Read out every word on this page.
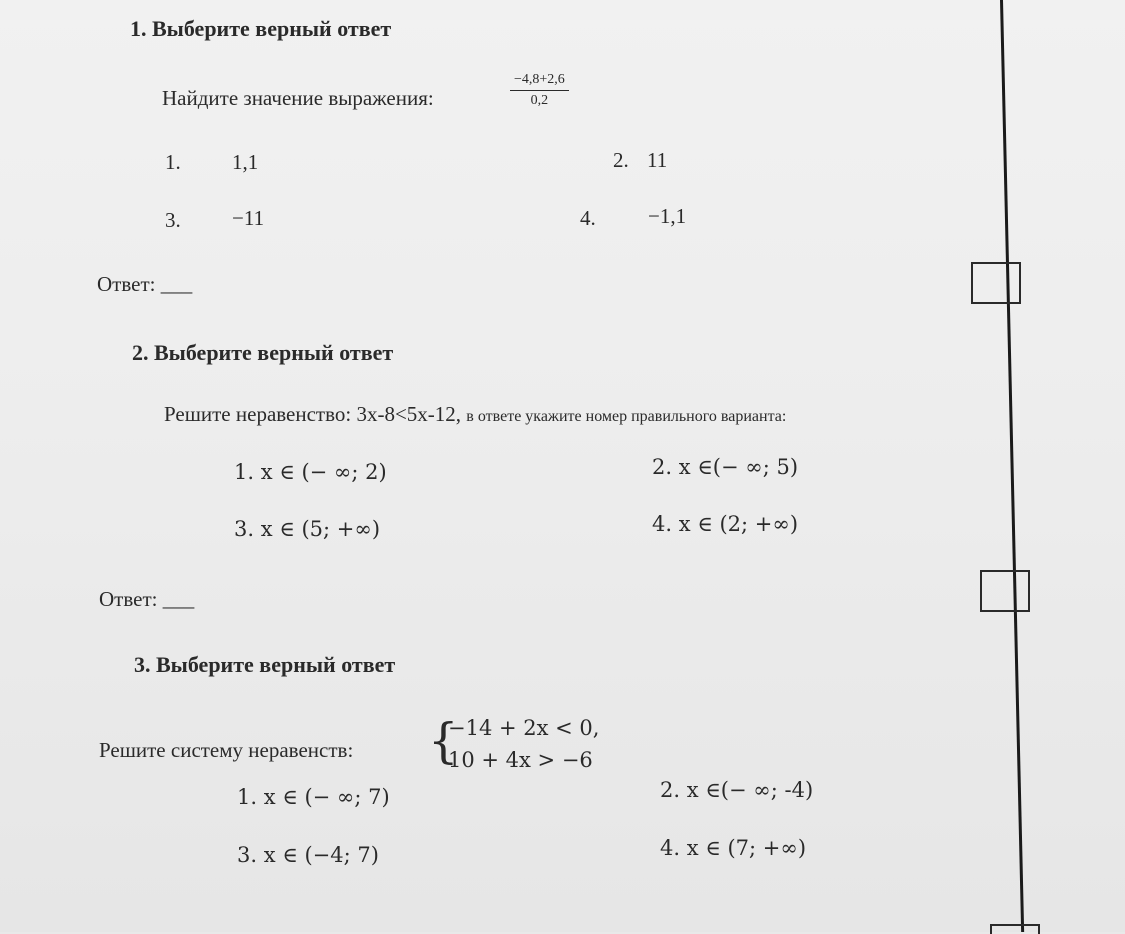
1. Выберите верный ответ
Найдите значение выражения:	$\frac{-4,8+2,6}{0,2}$
1. 1,1	2. 11
3. −11	4. −1,1
Ответ: ___
2. Выберите верный ответ
Решите неравенство: 3x-8<5x-12, в ответе укажите номер правильного варианта:
1. x ∈ (− ∞; 2)	2. x ∈(− ∞; 5)
3. x ∈ (5; +∞)	4. x ∈ (2; +∞)
Ответ: ___
3. Выберите верный ответ
Решите систему неравенств: {
−14 + 2x < 0,
10 + 4x > −6
1. x ∈ (− ∞; 7)	2. x ∈(− ∞; -4)
3. x ∈ (−4; 7)	4. x ∈ (7; +∞)
